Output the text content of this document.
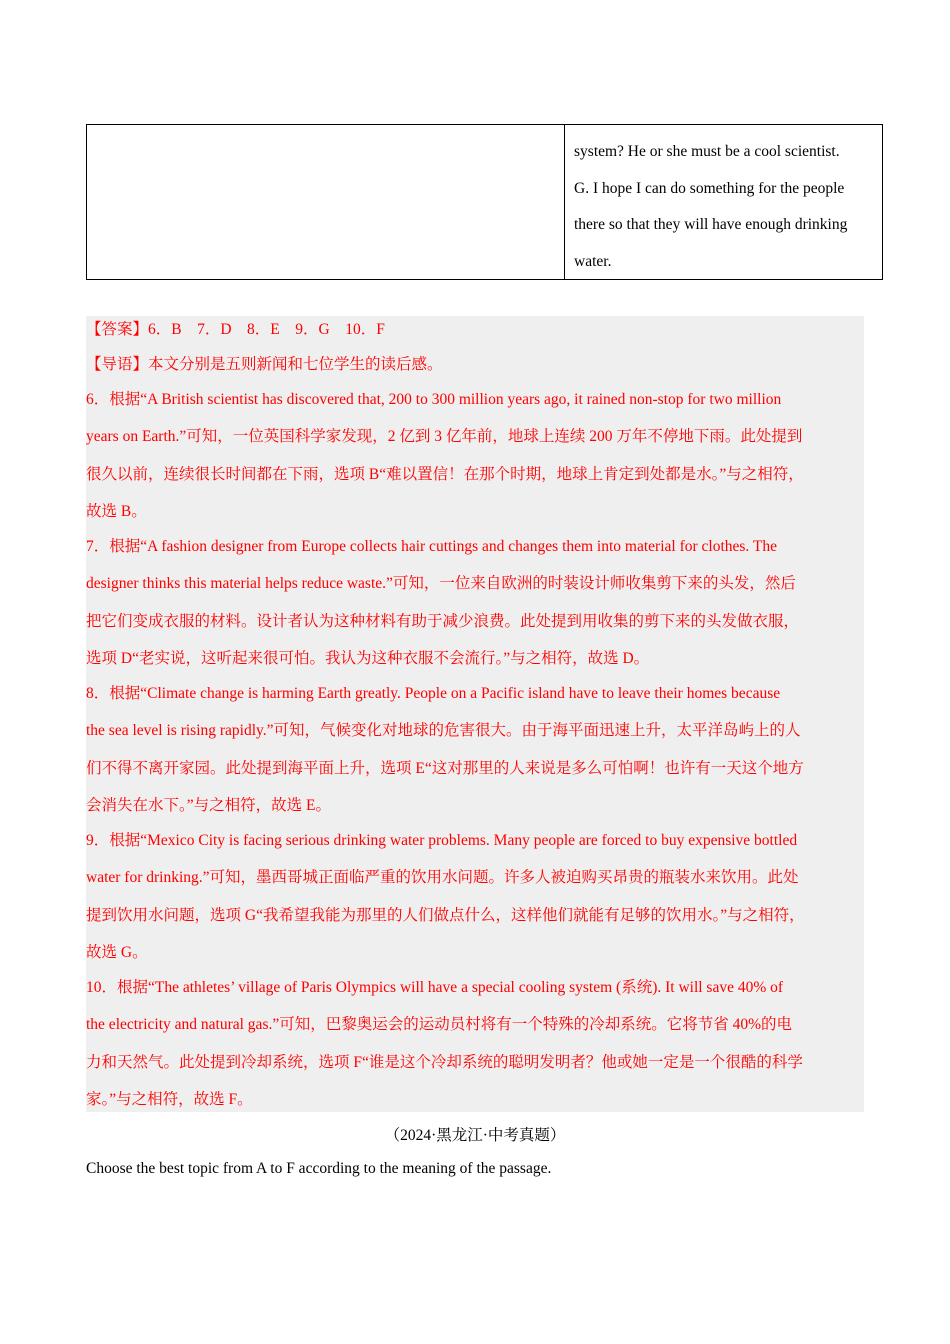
system? He or she must be a cool scientist.
G. I hope I can do something for the people
there so that they will have enough drinking
water.
【答案】6．B　7．D　8．E　9．G　10．F
【导语】本文分别是五则新闻和七位学生的读后感。
6．根据“A British scientist has discovered that, 200 to 300 million years ago, it rained non-stop for two million
years on Earth.”可知，一位英国科学家发现，2 亿到 3 亿年前，地球上连续 200 万年不停地下雨。此处提到
很久以前，连续很长时间都在下雨，选项 B“难以置信！在那个时期，地球上肯定到处都是水。”与之相符，
故选 B。
7．根据“A fashion designer from Europe collects hair cuttings and changes them into material for clothes. The
designer thinks this material helps reduce waste.”可知，一位来自欧洲的时装设计师收集剪下来的头发，然后
把它们变成衣服的材料。设计者认为这种材料有助于减少浪费。此处提到用收集的剪下来的头发做衣服，
选项 D“老实说，这听起来很可怕。我认为这种衣服不会流行。”与之相符，故选 D。
8．根据“Climate change is harming Earth greatly. People on a Pacific island have to leave their homes because
the sea level is rising rapidly.”可知，气候变化对地球的危害很大。由于海平面迅速上升，太平洋岛屿上的人
们不得不离开家园。此处提到海平面上升，选项 E“这对那里的人来说是多么可怕啊！也许有一天这个地方
会消失在水下。”与之相符，故选 E。
9．根据“Mexico City is facing serious drinking water problems. Many people are forced to buy expensive bottled
water for drinking.”可知，墨西哥城正面临严重的饮用水问题。许多人被迫购买昂贵的瓶装水来饮用。此处
提到饮用水问题，选项 G“我希望我能为那里的人们做点什么，这样他们就能有足够的饮用水。”与之相符，
故选 G。
10．根据“The athletes’ village of Paris Olympics will have a special cooling system (系统). It will save 40% of
the electricity and natural gas.”可知，巴黎奥运会的运动员村将有一个特殊的冷却系统。它将节省 40%的电
力和天然气。此处提到冷却系统，选项 F“谁是这个冷却系统的聪明发明者？他或她一定是一个很酷的科学
家。”与之相符，故选 F。
（2024·黑龙江·中考真题）
Choose the best topic from A to F according to the meaning of the passage.
